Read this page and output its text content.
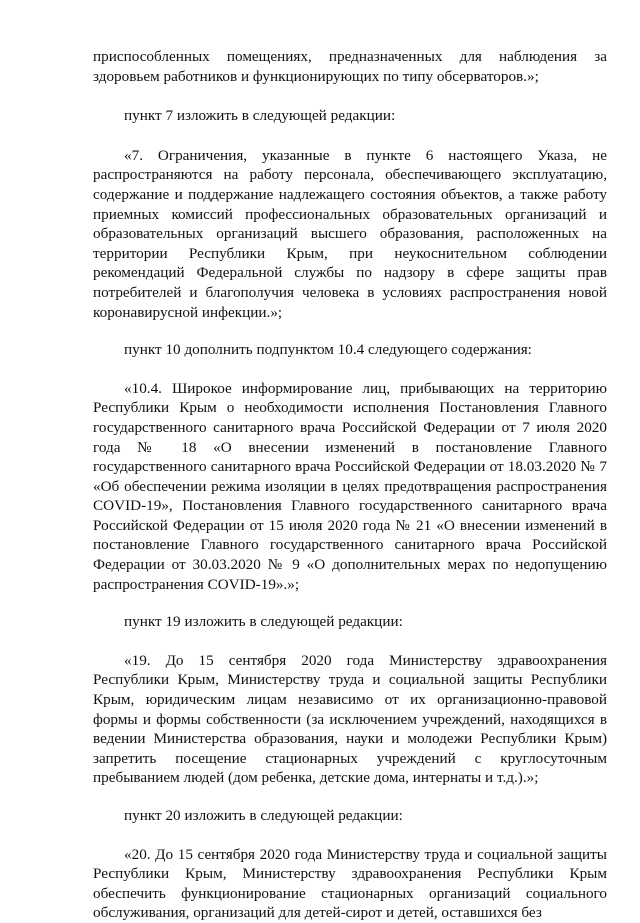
приспособленных помещениях, предназначенных для наблюдения за здоровьем работников и функционирующих по типу обсерваторов.»;

пункт 7 изложить в следующей редакции:

«7. Ограничения, указанные в пункте 6 настоящего Указа, не распространяются на работу персонала, обеспечивающего эксплуатацию, содержание и поддержание надлежащего состояния объектов, а также работу приемных комиссий профессиональных образовательных организаций и образовательных организаций высшего образования, расположенных на территории Республики Крым, при неукоснительном соблюдении рекомендаций Федеральной службы по надзору в сфере защиты прав потребителей и благополучия человека в условиях распространения новой коронавирусной инфекции.»;

пункт 10 дополнить подпунктом 10.4 следующего содержания:

«10.4. Широкое информирование лиц, прибывающих на территорию Республики Крым о необходимости исполнения Постановления Главного государственного санитарного врача Российской Федерации от 7 июля 2020 года № 18 «О внесении изменений в постановление Главного государственного санитарного врача Российской Федерации от 18.03.2020 № 7 «Об обеспечении режима изоляции в целях предотвращения распространения COVID-19», Постановления Главного государственного санитарного врача Российской Федерации от 15 июля 2020 года № 21 «О внесении изменений в постановление Главного государственного санитарного врача Российской Федерации от 30.03.2020 № 9 «О дополнительных мерах по недопущению распространения COVID-19».»;

пункт 19 изложить в следующей редакции:

«19. До 15 сентября 2020 года Министерству здравоохранения Республики Крым, Министерству труда и социальной защиты Республики Крым, юридическим лицам независимо от их организационно-правовой формы и формы собственности (за исключением учреждений, находящихся в ведении Министерства образования, науки и молодежи Республики Крым) запретить посещение стационарных учреждений с круглосуточным пребыванием людей (дом ребенка, детские дома, интернаты и т.д.).»;

пункт 20 изложить в следующей редакции:

«20. До 15 сентября 2020 года Министерству труда и социальной защиты Республики Крым, Министерству здравоохранения Республики Крым обеспечить функционирование стационарных организаций социального обслуживания, организаций для детей-сирот и детей, оставшихся без
